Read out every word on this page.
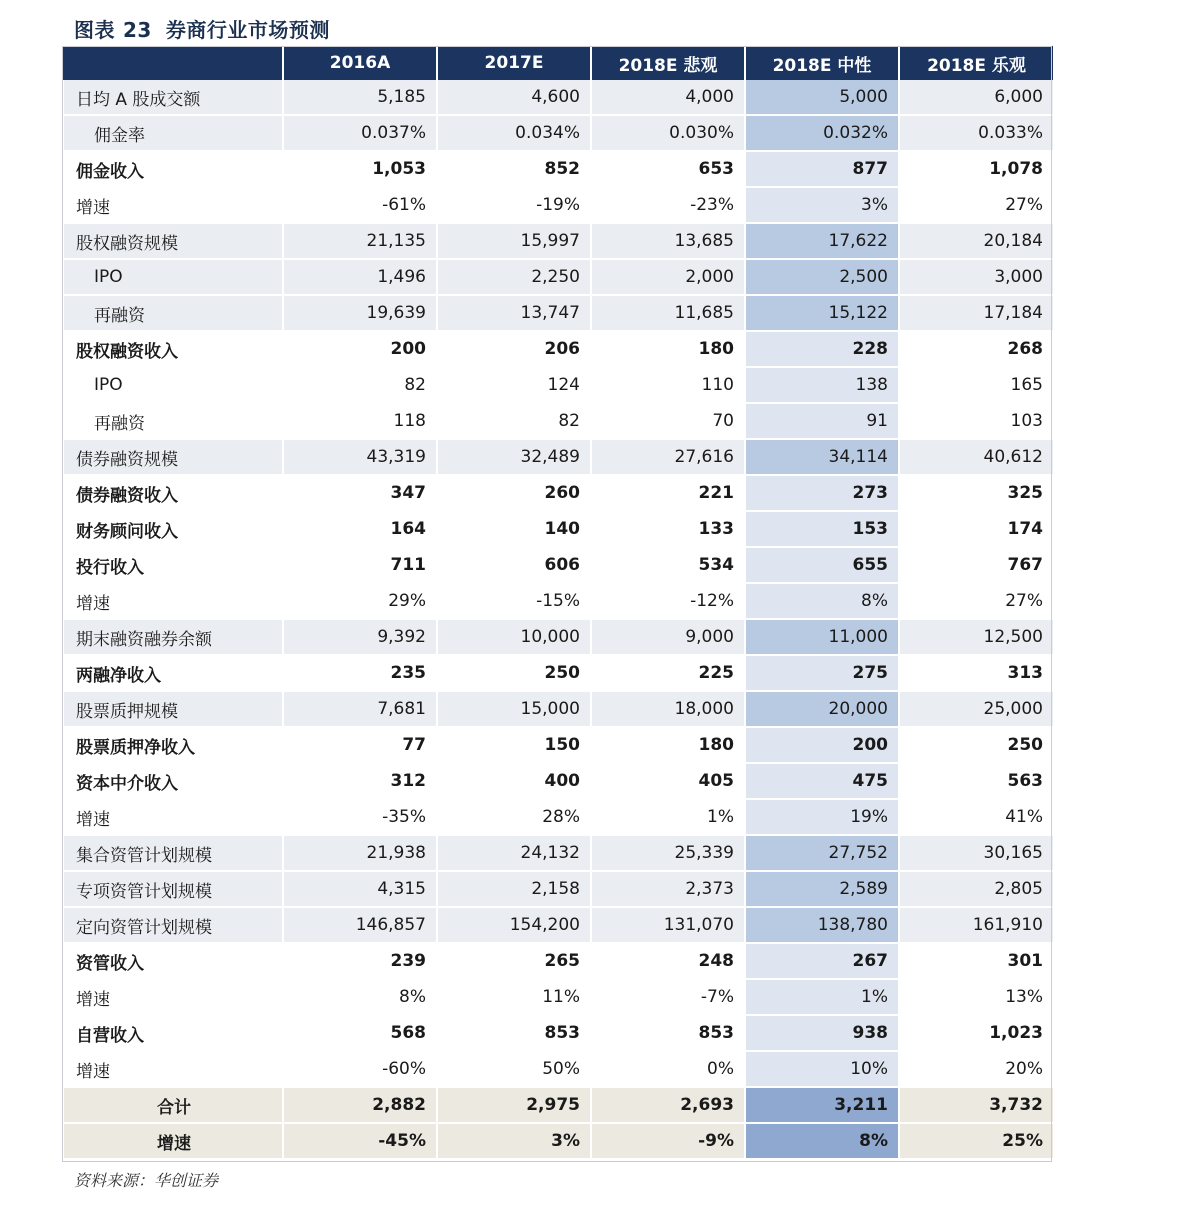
图表 23 券商行业市场预测
	2016A	2017E	2018E 悲观	2018E 中性	2018E 乐观
日均 A 股成交额	5,185	4,600	4,000	5,000	6,000
佣金率	0.037%	0.034%	0.030%	0.032%	0.033%
佣金收入	1,053	852	653	877	1,078
增速	-61%	-19%	-23%	3%	27%
股权融资规模	21,135	15,997	13,685	17,622	20,184
IPO	1,496	2,250	2,000	2,500	3,000
再融资	19,639	13,747	11,685	15,122	17,184
股权融资收入	200	206	180	228	268
IPO	82	124	110	138	165
再融资	118	82	70	91	103
债券融资规模	43,319	32,489	27,616	34,114	40,612
债券融资收入	347	260	221	273	325
财务顾问收入	164	140	133	153	174
投行收入	711	606	534	655	767
增速	29%	-15%	-12%	8%	27%
期末融资融券余额	9,392	10,000	9,000	11,000	12,500
两融净收入	235	250	225	275	313
股票质押规模	7,681	15,000	18,000	20,000	25,000
股票质押净收入	77	150	180	200	250
资本中介收入	312	400	405	475	563
增速	-35%	28%	1%	19%	41%
集合资管计划规模	21,938	24,132	25,339	27,752	30,165
专项资管计划规模	4,315	2,158	2,373	2,589	2,805
定向资管计划规模	146,857	154,200	131,070	138,780	161,910
资管收入	239	265	248	267	301
增速	8%	11%	-7%	1%	13%
自营收入	568	853	853	938	1,023
增速	-60%	50%	0%	10%	20%
合计	2,882	2,975	2,693	3,211	3,732
增速	-45%	3%	-9%	8%	25%
资料来源：华创证券
